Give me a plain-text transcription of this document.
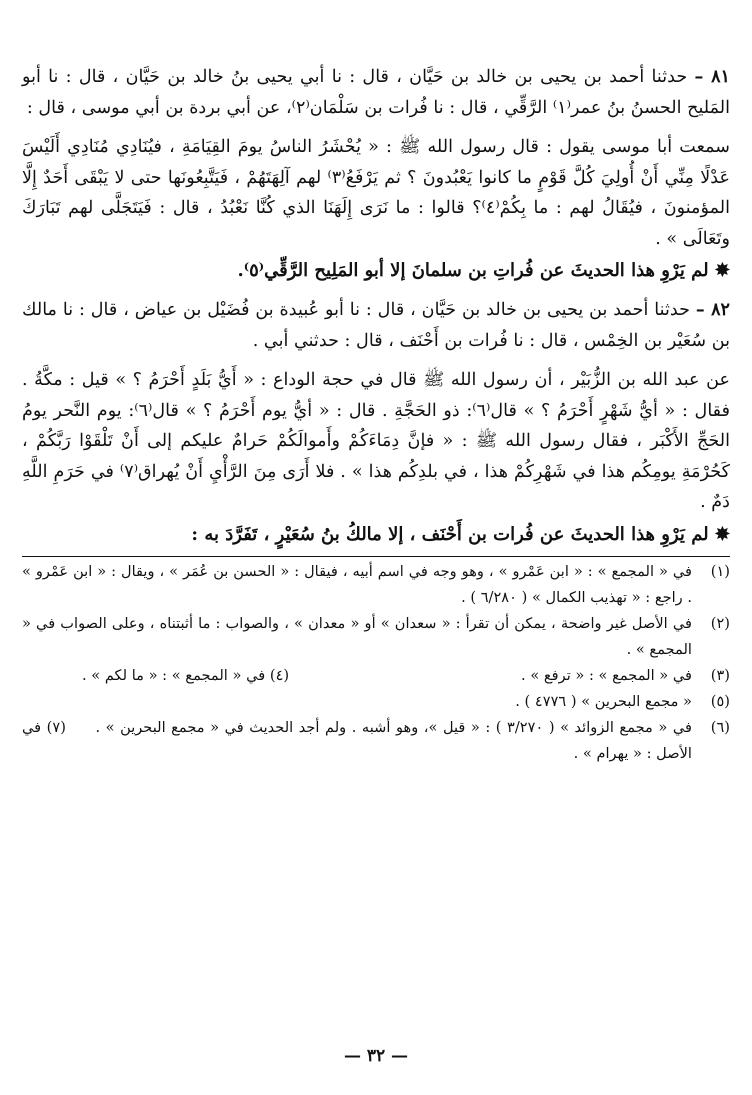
٨١ – حدثنا أحمد بن يحيى بن خالد بن حَيَّان ، قال : نا أبي يحيى بنُ خالد بن حَيَّان ، قال : نا أبو المَليح الحسنُ بنُ عمر⁽١⁾ الرَّقِّي ، قال : نا فُرات بن سَلْمَان⁽٢⁾، عن أبي بردة بن أبي موسى ، قال :

سمعت أبا موسى يقول : قال رسول الله ﷺ : « يُحْشَرُ الناسُ يومَ القِيَامَةِ ، فيُنَادِي مُنَادِي أَلَيْسَ عَدْلًا مِنِّي أَنْ أُولِيَ كُلَّ قَوْمٍ ما كانوا يَعْبُدونَ ؟ ثم يَرْفَعُ⁽٣⁾ لهم آلِهَتَهُمْ ، فَيَتَّبِعُونَها حتى لا يَبْقَى أَحَدٌ إِلَّا المؤمنونَ ، فيُقَالُ لهم : ما بِكُمْ⁽٤⁾؟ قالوا : ما نَرَى إِلَهَنَا الذي كُنَّا نَعْبُدُ ، قال : فَيَتَجَلَّى لهم تَبَارَكَ وتَعَالَى » .

✸ لم يَرْوِ هذا الحديثَ عن فُراتِ بن سلمانَ إلا أبو المَلِيح الرَّقِّي⁽٥⁾.

٨٢ – حدثنا أحمد بن يحيى بن خالد بن حَيَّان ، قال : نا أبو عُبيدة بن فُضَيْل بن عياض ، قال : نا مالك بن سُعَيْر بن الخِمْس ، قال : نا فُرات بن أَحْنَف ، قال : حدثني أبي .

عن عبد الله بن الزُّبَيْر ، أن رسول الله ﷺ قال في حجة الوداع : « أَيُّ بَلَدٍ أَحْرَمُ ؟ » قيل : مكَّةُ . فقال : « أيُّ شَهْرٍ أَحْرَمُ ؟ » قال⁽٦⁾: ذو الحَجَّةِ . قال : « أيُّ يوم أَحْرَمُ ؟ » قال⁽٦⁾: يوم النَّحر يومُ الحَجِّ الأَكْبَر ، فقال رسول الله ﷺ : « فإنَّ دِمَاءَكُمْ وأَموالَكُمْ حَرامٌ عليكم إلى أَنْ تَلْقَوْا رَبَّكُمْ ، كَحُرْمَةِ يومِكُم هذا في شَهْرِكُمْ هذا ، في بلدِكُم هذا » . فلا أَرَى مِنَ الرَّأْيِ أَنْ يُهراق⁽٧⁾ في حَرَمِ اللَّهِ دَمٌ .

✸ لم يَرْوِ هذا الحديثَ عن فُرات بن أَحْنَف ، إلا مالكُ بنُ سُعَيْرٍ ، تَفَرَّدَ به :

(١)
في « المجمع » : « ابن عَمْرو » ، وهو وجه في اسم أبيه ، فيقال : « الحسن بن عُمَر » ، ويقال : « ابن عَمْرو » . راجع : « تهذيب الكمال » ( ٦/٢٨٠ ) .

(٢)
في الأصل غير واضحة ، يمكن أن تقرأ : « سعدان » أو « معدان » ، والصواب : ما أثبتناه ، وعلى الصواب في « المجمع » .

(٣)
في « المجمع » : « ترفع » .
(٤) في « المجمع » : « ما لكم » .

(٥)
« مجمع البحرين » ( ٤٧٧٦ ) .

(٦)
في « مجمع الزوائد » ( ٣/٢٧٠ ) : « قيل »، وهو أشبه . ولم أجد الحديث في « مجمع البحرين » . (٧) في الأصل : « يهرام » .

— ٣٢ —
